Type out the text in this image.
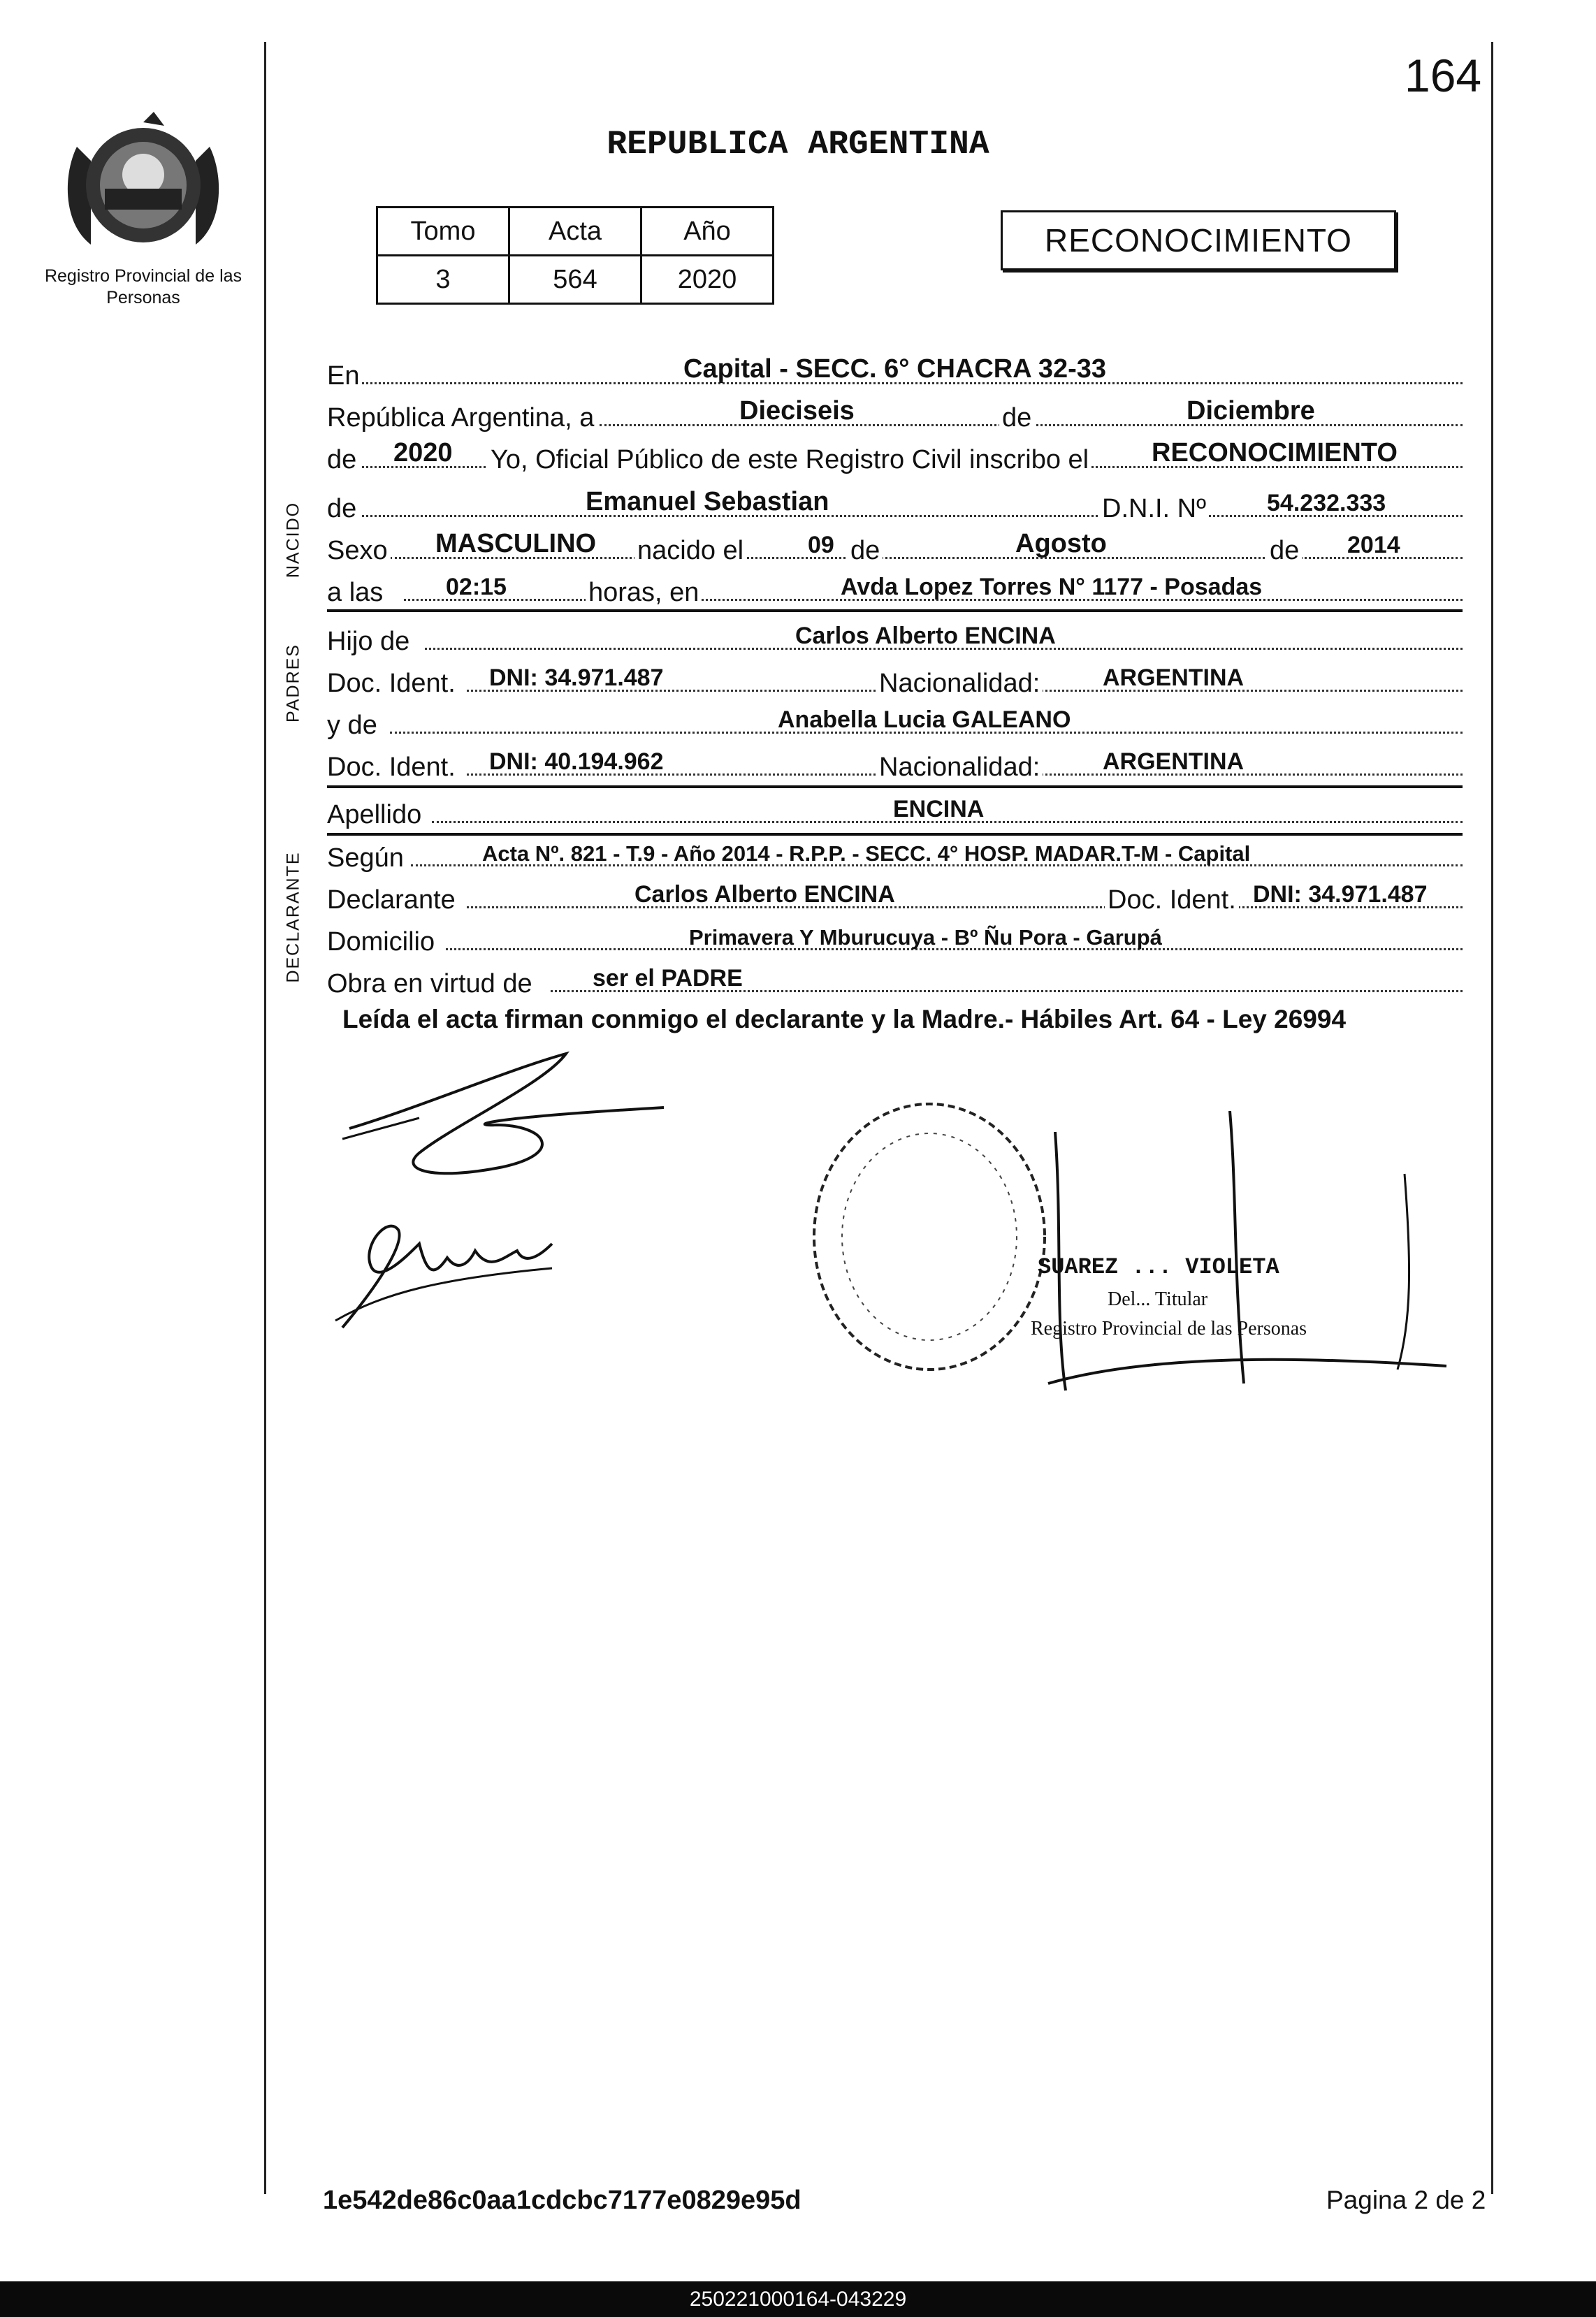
164
Registro Provincial de las Personas
REPUBLICA ARGENTINA
Tomo	Acta	Año
3	564	2020
RECONOCIMIENTO
En	Capital - SECC. 6° CHACRA 32-33
República Argentina, a	Dieciseis	de	Diciembre
de 2020 Yo, Oficial Público de este Registro Civil inscribo el RECONOCIMIENTO
de	Emanuel Sebastian	D.N.I. Nº	54.232.333
Sexo MASCULINO nacido el	09 de	Agosto	de 2014
a las	02:15	horas, en	Avda Lopez Torres N° 1177 - Posadas
Hijo de	Carlos Alberto ENCINA
Doc. Ident. DNI: 34.971.487	Nacionalidad:	ARGENTINA
y de	Anabella Lucia GALEANO
Doc. Ident. DNI: 40.194.962	Nacionalidad:	ARGENTINA
Apellido	ENCINA
Según	Acta Nº. 821 - T.9 - Año 2014 - R.P.P. - SECC. 4° HOSP. MADAR.T-M - Capital
Declarante	Carlos Alberto ENCINA	Doc. Ident. DNI: 34.971.487
Domicilio	Primavera Y Mburucuya - Bº Ñu Pora - Garupá
Obra en virtud de	ser el PADRE
NACIDO
PADRES
DECLARANTE
Leída el acta firman conmigo el declarante y la Madre.- Hábiles Art. 64 - Ley 26994
SUAREZ ... VIOLETA
Del... Titular
Registro Provincial de las Personas
1e542de86c0aa1cdcbc7177e0829e95d	Pagina 2 de 2
250221000164-043229
